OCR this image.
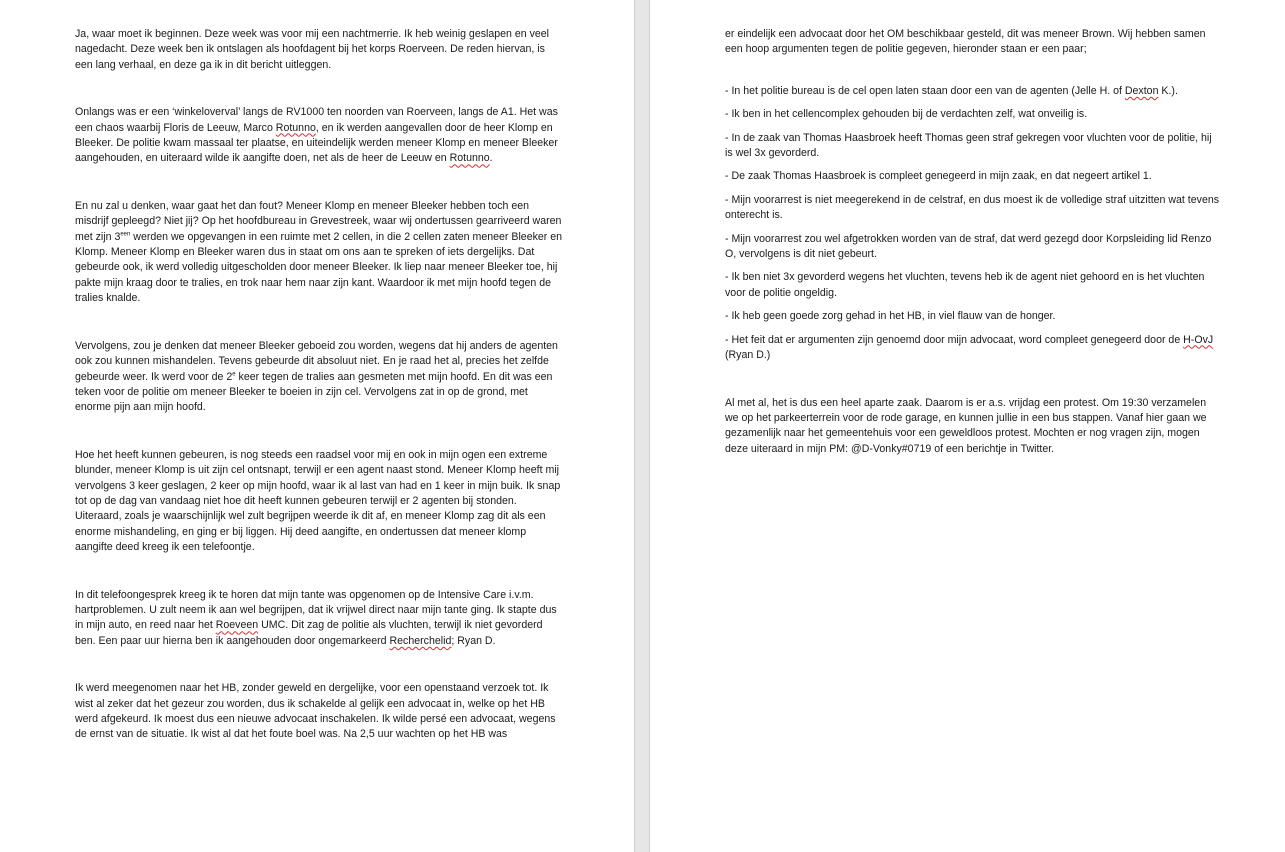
Ja, waar moet ik beginnen. Deze week was voor mij een nachtmerrie. Ik heb weinig geslapen en veel nagedacht. Deze week ben ik ontslagen als hoofdagent bij het korps Roerveen. De reden hiervan, is een lang verhaal, en deze ga ik in dit bericht uitleggen.

Onlangs was er een ‘winkeloverval’ langs de RV1000 ten noorden van Roerveen, langs de A1. Het was een chaos waarbij Floris de Leeuw, Marco Rotunno, en ik werden aangevallen door de heer Klomp en Bleeker. De politie kwam massaal ter plaatse, en uiteindelijk werden meneer Klomp en meneer Bleeker aangehouden, en uiteraard wilde ik aangifte doen, net als de heer de Leeuw en Rotunno.

En nu zal u denken, waar gaat het dan fout? Meneer Klomp en meneer Bleeker hebben toch een misdrijf gepleegd? Niet jij? Op het hoofdbureau in Grevestreek, waar wij ondertussen gearriveerd waren met zijn $3^{een}$ werden we opgevangen in een ruimte met 2 cellen, in die 2 cellen zaten meneer Bleeker en Klomp. Meneer Klomp en Bleeker waren dus in staat om ons aan te spreken of iets dergelijks. Dat gebeurde ook, ik werd volledig uitgescholden door meneer Bleeker. Ik liep naar meneer Bleeker toe, hij pakte mijn kraag door te tralies, en trok naar hem naar zijn kant. Waardoor ik met mijn hoofd tegen de tralies knalde.

Vervolgens, zou je denken dat meneer Bleeker geboeid zou worden, wegens dat hij anders de agenten ook zou kunnen mishandelen. Tevens gebeurde dit absoluut niet. En je raad het al, precies het zelfde gebeurde weer. Ik werd voor de 2e keer tegen de tralies aan gesmeten met mijn hoofd. En dit was een teken voor de politie om meneer Bleeker te boeien in zijn cel. Vervolgens zat in op de grond, met enorme pijn aan mijn hoofd.

Hoe het heeft kunnen gebeuren, is nog steeds een raadsel voor mij en ook in mijn ogen een extreme blunder, meneer Klomp is uit zijn cel ontsnapt, terwijl er een agent naast stond. Meneer Klomp heeft mij vervolgens 3 keer geslagen, 2 keer op mijn hoofd, waar ik al last van had en 1 keer in mijn buik. Ik snap tot op de dag van vandaag niet hoe dit heeft kunnen gebeuren terwijl er 2 agenten bij stonden. Uiteraard, zoals je waarschijnlijk wel zult begrijpen weerde ik dit af, en meneer Klomp zag dit als een enorme mishandeling, en ging er bij liggen. Hij deed aangifte, en ondertussen dat meneer klomp aangifte deed kreeg ik een telefoontje.

In dit telefoongesprek kreeg ik te horen dat mijn tante was opgenomen op de Intensive Care i.v.m. hartproblemen. U zult neem ik aan wel begrijpen, dat ik vrijwel direct naar mijn tante ging. Ik stapte dus in mijn auto, en reed naar het Roeveen UMC. Dit zag de politie als vluchten, terwijl ik niet gevorderd ben. Een paar uur hierna ben ik aangehouden door ongemarkeerd Recherchelid; Ryan D.

Ik werd meegenomen naar het HB, zonder geweld en dergelijke, voor een openstaand verzoek tot. Ik wist al zeker dat het gezeur zou worden, dus ik schakelde al gelijk een advocaat in, welke op het HB werd afgekeurd. Ik moest dus een nieuwe advocaat inschakelen. Ik wilde persé een advocaat, wegens de ernst van de situatie. Ik wist al dat het foute boel was. Na 2,5 uur wachten op het HB was

er eindelijk een advocaat door het OM beschikbaar gesteld, dit was meneer Brown. Wij hebben samen een hoop argumenten tegen de politie gegeven, hieronder staan er een paar;

- In het politie bureau is de cel open laten staan door een van de agenten (Jelle H. of Dexton K.).

- Ik ben in het cellencomplex gehouden bij de verdachten zelf, wat onveilig is.

- In de zaak van Thomas Haasbroek heeft Thomas geen straf gekregen voor vluchten voor de politie, hij is wel 3x gevorderd.

- De zaak Thomas Haasbroek is compleet genegeerd in mijn zaak, en dat negeert artikel 1.

- Mijn voorarrest is niet meegerekend in de celstraf, en dus moest ik de volledige straf uitzitten wat tevens onterecht is.

- Mijn voorarrest zou wel afgetrokken worden van de straf, dat werd gezegd door Korpsleiding lid Renzo O, vervolgens is dit niet gebeurt.

- Ik ben niet 3x gevorderd wegens het vluchten, tevens heb ik de agent niet gehoord en is het vluchten voor de politie ongeldig.

- Ik heb geen goede zorg gehad in het HB, in viel flauw van de honger.

- Het feit dat er argumenten zijn genoemd door mijn advocaat, word compleet genegeerd door de H-OvJ (Ryan D.)

Al met al, het is dus een heel aparte zaak. Daarom is er a.s. vrijdag een protest. Om 19:30 verzamelen we op het parkeerterrein voor de rode garage, en kunnen jullie in een bus stappen. Vanaf hier gaan we gezamenlijk naar het gemeentehuis voor een geweldloos protest. Mochten er nog vragen zijn, mogen deze uiteraard in mijn PM: @D-Vonky#0719 of een berichtje in Twitter.
